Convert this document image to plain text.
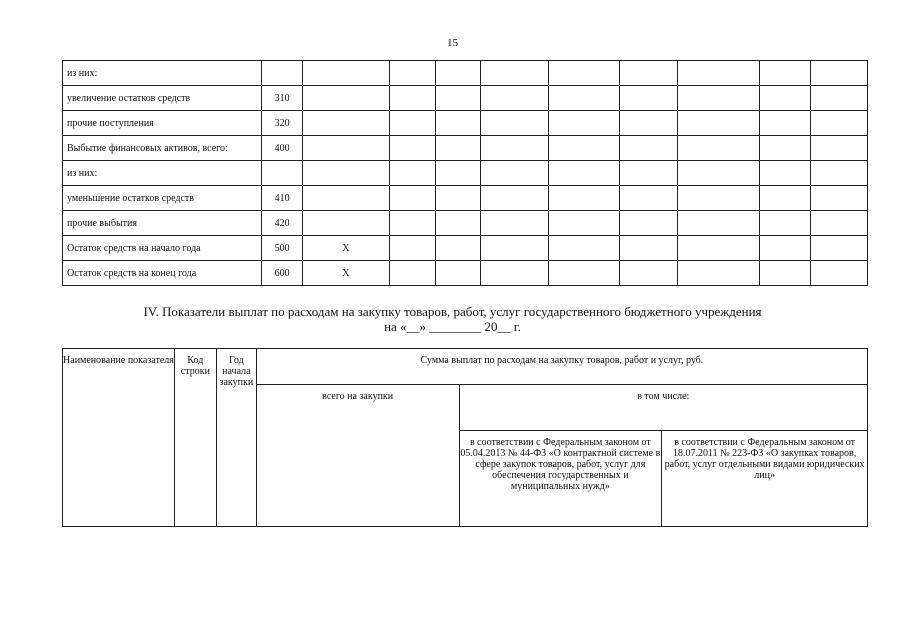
15
из них:										
увеличение остатков средств	310									
прочие поступления	320									
Выбытие финансовых активов, всего:	400									
из них:										
уменьшение остатков средств	410									
прочие выбытия	420									
Остаток средств на начало года	500	X								
Остаток средств на конец года	600	X								
IV. Показатели выплат по расходам на закупку товаров, работ, услуг государственного бюджетного учреждения
на «__» ________ 20__ г.
Наименование показателя	Код строки	Год начала закупки	Сумма выплат по расходам на закупку товаров, работ и услуг, руб.		

			всего на закупки	в том числе:	

				в соответствии с Федеральным законом от 05.04.2013 № 44-ФЗ «О контрактной системе в сфере закупок товаров, работ, услуг для обеспечения государственных и муниципальных нужд»	в соответствии с Федеральным законом от 18.07.2011 № 223-ФЗ «О закупках товаров, работ, услуг отдельными видами юридических лиц»
